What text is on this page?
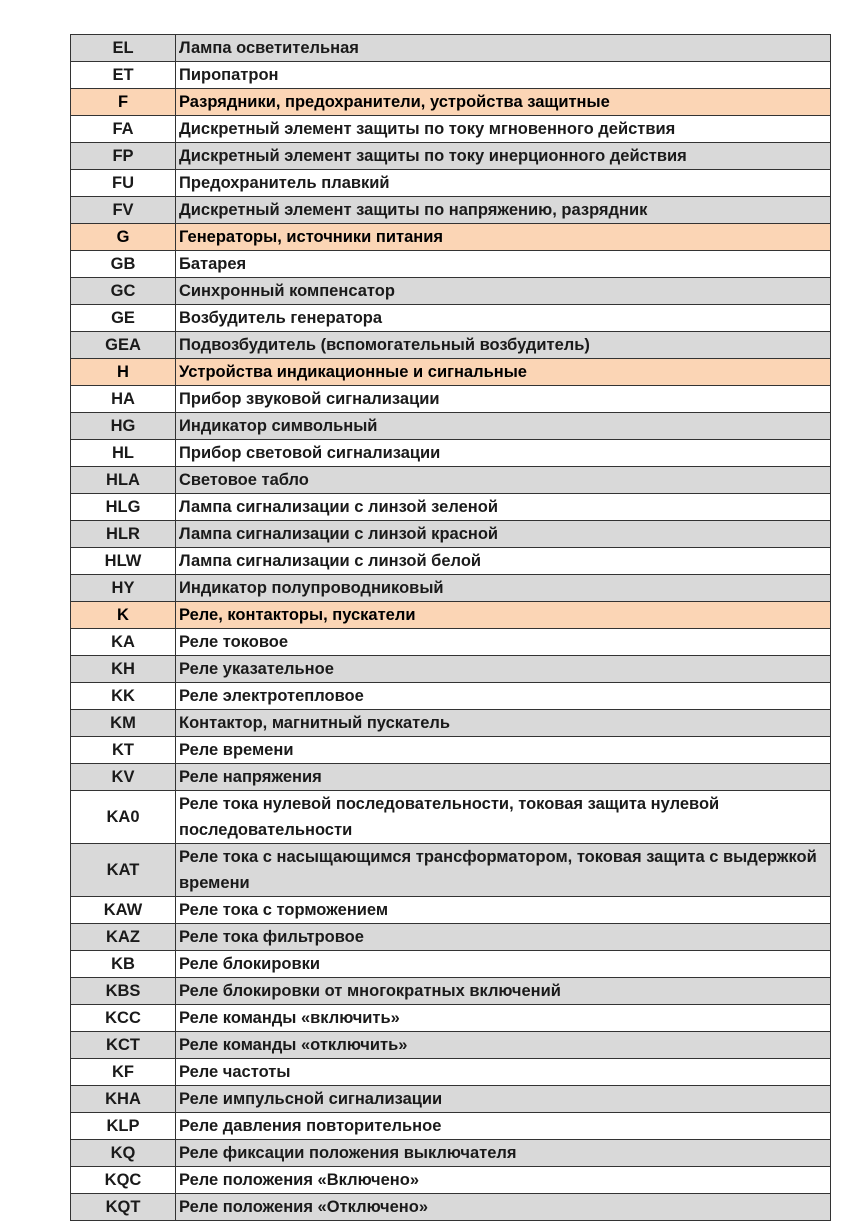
EL	Лампа осветительная
ET	Пиропатрон
F	Разрядники, предохранители, устройства защитные
FA	Дискретный элемент защиты по току мгновенного действия
FP	Дискретный элемент защиты по току инерционного действия
FU	Предохранитель плавкий
FV	Дискретный элемент защиты по напряжению, разрядник
G	Генераторы, источники питания
GB	Батарея
GC	Синхронный компенсатор
GE	Возбудитель генератора
GEA	Подвозбудитель (вспомогательный возбудитель)
H	Устройства индикационные и сигнальные
HA	Прибор звуковой сигнализации
HG	Индикатор символьный
HL	Прибор световой сигнализации
HLA	Световое табло
HLG	Лампа сигнализации с линзой зеленой
HLR	Лампа сигнализации с линзой красной
HLW	Лампа сигнализации с линзой белой
HY	Индикатор полупроводниковый
K	Реле, контакторы, пускатели
KA	Реле токовое
KH	Реле указательное
KK	Реле электротепловое
KM	Контактор, магнитный пускатель
KT	Реле времени
KV	Реле напряжения
KA0	Реле тока нулевой последовательности, токовая защита нулевой последовательности
KAT	Реле тока с насыщающимся трансформатором, токовая защита с выдержкой времени
KAW	Реле тока с торможением
KAZ	Реле тока фильтровое
KB	Реле блокировки
KBS	Реле блокировки от многократных включений
KCC	Реле команды «включить»
KCT	Реле команды «отключить»
KF	Реле частоты
KHA	Реле импульсной сигнализации
KLP	Реле давления повторительное
KQ	Реле фиксации положения выключателя
KQC	Реле положения «Включено»
KQT	Реле положения «Отключено»
